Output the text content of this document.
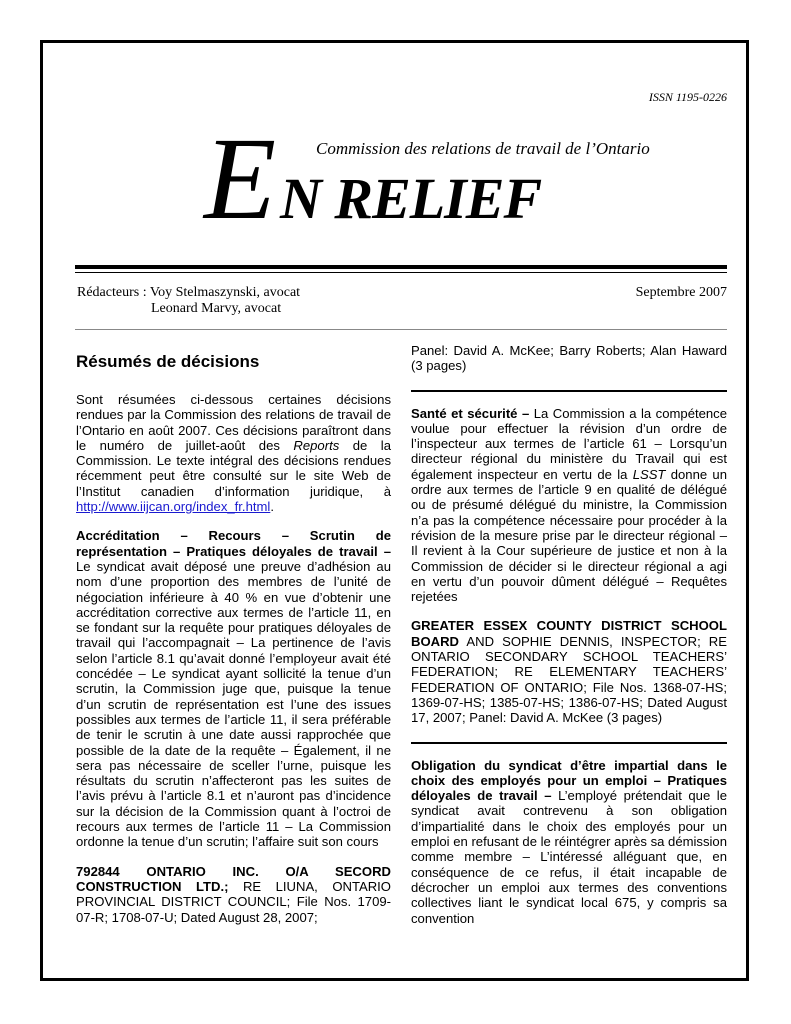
ISSN 1195-0226
Commission des relations de travail de l’Ontario
E N RELIEF
Rédacteurs : Voy Stelmaszynski, avocat
Leonard Marvy, avocat
Septembre 2007
Résumés de décisions

Sont résumées ci-dessous certaines décisions rendues par la Commission des relations de travail de l’Ontario en août 2007. Ces décisions paraîtront dans le numéro de juillet-août des Reports de la Commission. Le texte intégral des décisions rendues récemment peut être consulté sur le site Web de l’Institut canadien d’information juridique, à http://www.iijcan.org/index_fr.html.

Accréditation – Recours – Scrutin de représentation – Pratiques déloyales de travail – Le syndicat avait déposé une preuve d’adhésion au nom d’une proportion des membres de l’unité de négociation inférieure à 40 % en vue d’obtenir une accréditation corrective aux termes de l’article 11, en se fondant sur la requête pour pratiques déloyales de travail qui l’accompagnait – La pertinence de l’avis selon l’article 8.1 qu’avait donné l’employeur avait été concédée – Le syndicat ayant sollicité la tenue d’un scrutin, la Commission juge que, puisque la tenue d’un scrutin de représentation est l’une des issues possibles aux termes de l’article 11, il sera préférable de tenir le scrutin à une date aussi rapprochée que possible de la date de la requête – Également, il ne sera pas nécessaire de sceller l’urne, puisque les résultats du scrutin n’affecteront pas les suites de l’avis prévu à l’article 8.1 et n’auront pas d’incidence sur la décision de la Commission quant à l’octroi de recours aux termes de l’article 11 – La Commission ordonne la tenue d’un scrutin; l’affaire suit son cours

792844 ONTARIO INC. O/A SECORD CONSTRUCTION LTD.; RE LIUNA, ONTARIO PROVINCIAL DISTRICT COUNCIL; File Nos. 1709-07-R; 1708-07-U; Dated August 28, 2007;

Panel: David A. McKee; Barry Roberts; Alan Haward (3 pages)

Santé et sécurité – La Commission a la compétence voulue pour effectuer la révision d’un ordre de l’inspecteur aux termes de l’article 61 – Lorsqu’un directeur régional du ministère du Travail qui est également inspecteur en vertu de la LSST donne un ordre aux termes de l’article 9 en qualité de délégué ou de présumé délégué du ministre, la Commission n’a pas la compétence nécessaire pour procéder à la révision de la mesure prise par le directeur régional – Il revient à la Cour supérieure de justice et non à la Commission de décider si le directeur régional a agi en vertu d’un pouvoir dûment délégué – Requêtes rejetées

GREATER ESSEX COUNTY DISTRICT SCHOOL BOARD AND SOPHIE DENNIS, INSPECTOR; RE ONTARIO SECONDARY SCHOOL TEACHERS’ FEDERATION; RE ELEMENTARY TEACHERS’ FEDERATION OF ONTARIO; File Nos. 1368-07-HS; 1369-07-HS; 1385-07-HS; 1386-07-HS; Dated August 17, 2007; Panel: David A. McKee (3 pages)

Obligation du syndicat d’être impartial dans le choix des employés pour un emploi – Pratiques déloyales de travail – L’employé prétendait que le syndicat avait contrevenu à son obligation d’impartialité dans le choix des employés pour un emploi en refusant de le réintégrer après sa démission comme membre – L’intéressé alléguant que, en conséquence de ce refus, il était incapable de décrocher un emploi aux termes des conventions collectives liant le syndicat local 675, y compris sa convention
